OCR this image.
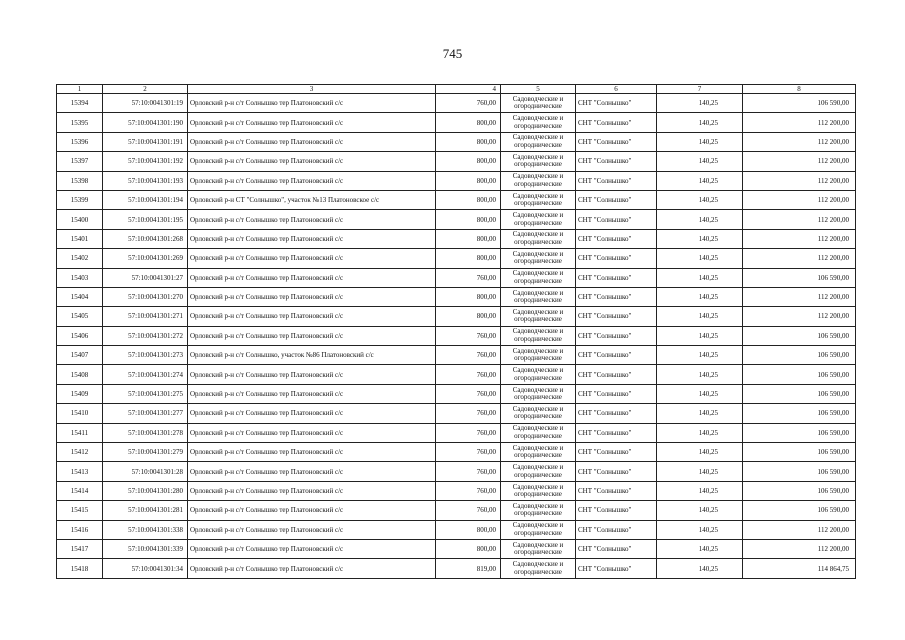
745
1	2	3	4	5	6	7	8
15394	57:10:0041301:19	Орловский р-н с/т Солнышко тер Платоновский с/с	760,00	Садоводческие и
огороднические	СНТ "Солнышко"	140,25	106 590,00
15395	57:10:0041301:190	Орловский р-н с/т Солнышко тер Платоновский с/с	800,00	Садоводческие и
огороднические	СНТ "Солнышко"	140,25	112 200,00
15396	57:10:0041301:191	Орловский р-н с/т Солнышко тер Платоновский с/с	800,00	Садоводческие и
огороднические	СНТ "Солнышко"	140,25	112 200,00
15397	57:10:0041301:192	Орловский р-н с/т Солнышко тер Платоновский с/с	800,00	Садоводческие и
огороднические	СНТ "Солнышко"	140,25	112 200,00
15398	57:10:0041301:193	Орловский р-н с/т Солнышко тер Платоновский с/с	800,00	Садоводческие и
огороднические	СНТ "Солнышко"	140,25	112 200,00
15399	57:10:0041301:194	Орловский р-н СТ "Солнышко", участок №13 Платоновское с/с	800,00	Садоводческие и
огороднические	СНТ "Солнышко"	140,25	112 200,00
15400	57:10:0041301:195	Орловский р-н с/т Солнышко тер Платоновский с/с	800,00	Садоводческие и
огороднические	СНТ "Солнышко"	140,25	112 200,00
15401	57:10:0041301:268	Орловский р-н с/т Солнышко тер Платоновский с/с	800,00	Садоводческие и
огороднические	СНТ "Солнышко"	140,25	112 200,00
15402	57:10:0041301:269	Орловский р-н с/т Солнышко тер Платоновский с/с	800,00	Садоводческие и
огороднические	СНТ "Солнышко"	140,25	112 200,00
15403	57:10:0041301:27	Орловский р-н с/т Солнышко тер Платоновский с/с	760,00	Садоводческие и
огороднические	СНТ "Солнышко"	140,25	106 590,00
15404	57:10:0041301:270	Орловский р-н с/т Солнышко тер Платоновский с/с	800,00	Садоводческие и
огороднические	СНТ "Солнышко"	140,25	112 200,00
15405	57:10:0041301:271	Орловский р-н с/т Солнышко тер Платоновский с/с	800,00	Садоводческие и
огороднические	СНТ "Солнышко"	140,25	112 200,00
15406	57:10:0041301:272	Орловский р-н с/т Солнышко тер Платоновский с/с	760,00	Садоводческие и
огороднические	СНТ "Солнышко"	140,25	106 590,00
15407	57:10:0041301:273	Орловский р-н с/т Солнышко, участок №86 Платоновский с/с	760,00	Садоводческие и
огороднические	СНТ "Солнышко"	140,25	106 590,00
15408	57:10:0041301:274	Орловский р-н с/т Солнышко тер Платоновский с/с	760,00	Садоводческие и
огороднические	СНТ "Солнышко"	140,25	106 590,00
15409	57:10:0041301:275	Орловский р-н с/т Солнышко тер Платоновский с/с	760,00	Садоводческие и
огороднические	СНТ "Солнышко"	140,25	106 590,00
15410	57:10:0041301:277	Орловский р-н с/т Солнышко тер Платоновский с/с	760,00	Садоводческие и
огороднические	СНТ "Солнышко"	140,25	106 590,00
15411	57:10:0041301:278	Орловский р-н с/т Солнышко тер Платоновский с/с	760,00	Садоводческие и
огороднические	СНТ "Солнышко"	140,25	106 590,00
15412	57:10:0041301:279	Орловский р-н с/т Солнышко тер Платоновский с/с	760,00	Садоводческие и
огороднические	СНТ "Солнышко"	140,25	106 590,00
15413	57:10:0041301:28	Орловский р-н с/т Солнышко тер Платоновский с/с	760,00	Садоводческие и
огороднические	СНТ "Солнышко"	140,25	106 590,00
15414	57:10:0041301:280	Орловский р-н с/т Солнышко тер Платоновский с/с	760,00	Садоводческие и
огороднические	СНТ "Солнышко"	140,25	106 590,00
15415	57:10:0041301:281	Орловский р-н с/т Солнышко тер Платоновский с/с	760,00	Садоводческие и
огороднические	СНТ "Солнышко"	140,25	106 590,00
15416	57:10:0041301:338	Орловский р-н с/т Солнышко тер Платоновский с/с	800,00	Садоводческие и
огороднические	СНТ "Солнышко"	140,25	112 200,00
15417	57:10:0041301:339	Орловский р-н с/т Солнышко тер Платоновский с/с	800,00	Садоводческие и
огороднические	СНТ "Солнышко"	140,25	112 200,00
15418	57:10:0041301:34	Орловский р-н с/т Солнышко тер Платоновский с/с	819,00	Садоводческие и
огороднические	СНТ "Солнышко"	140,25	114 864,75
